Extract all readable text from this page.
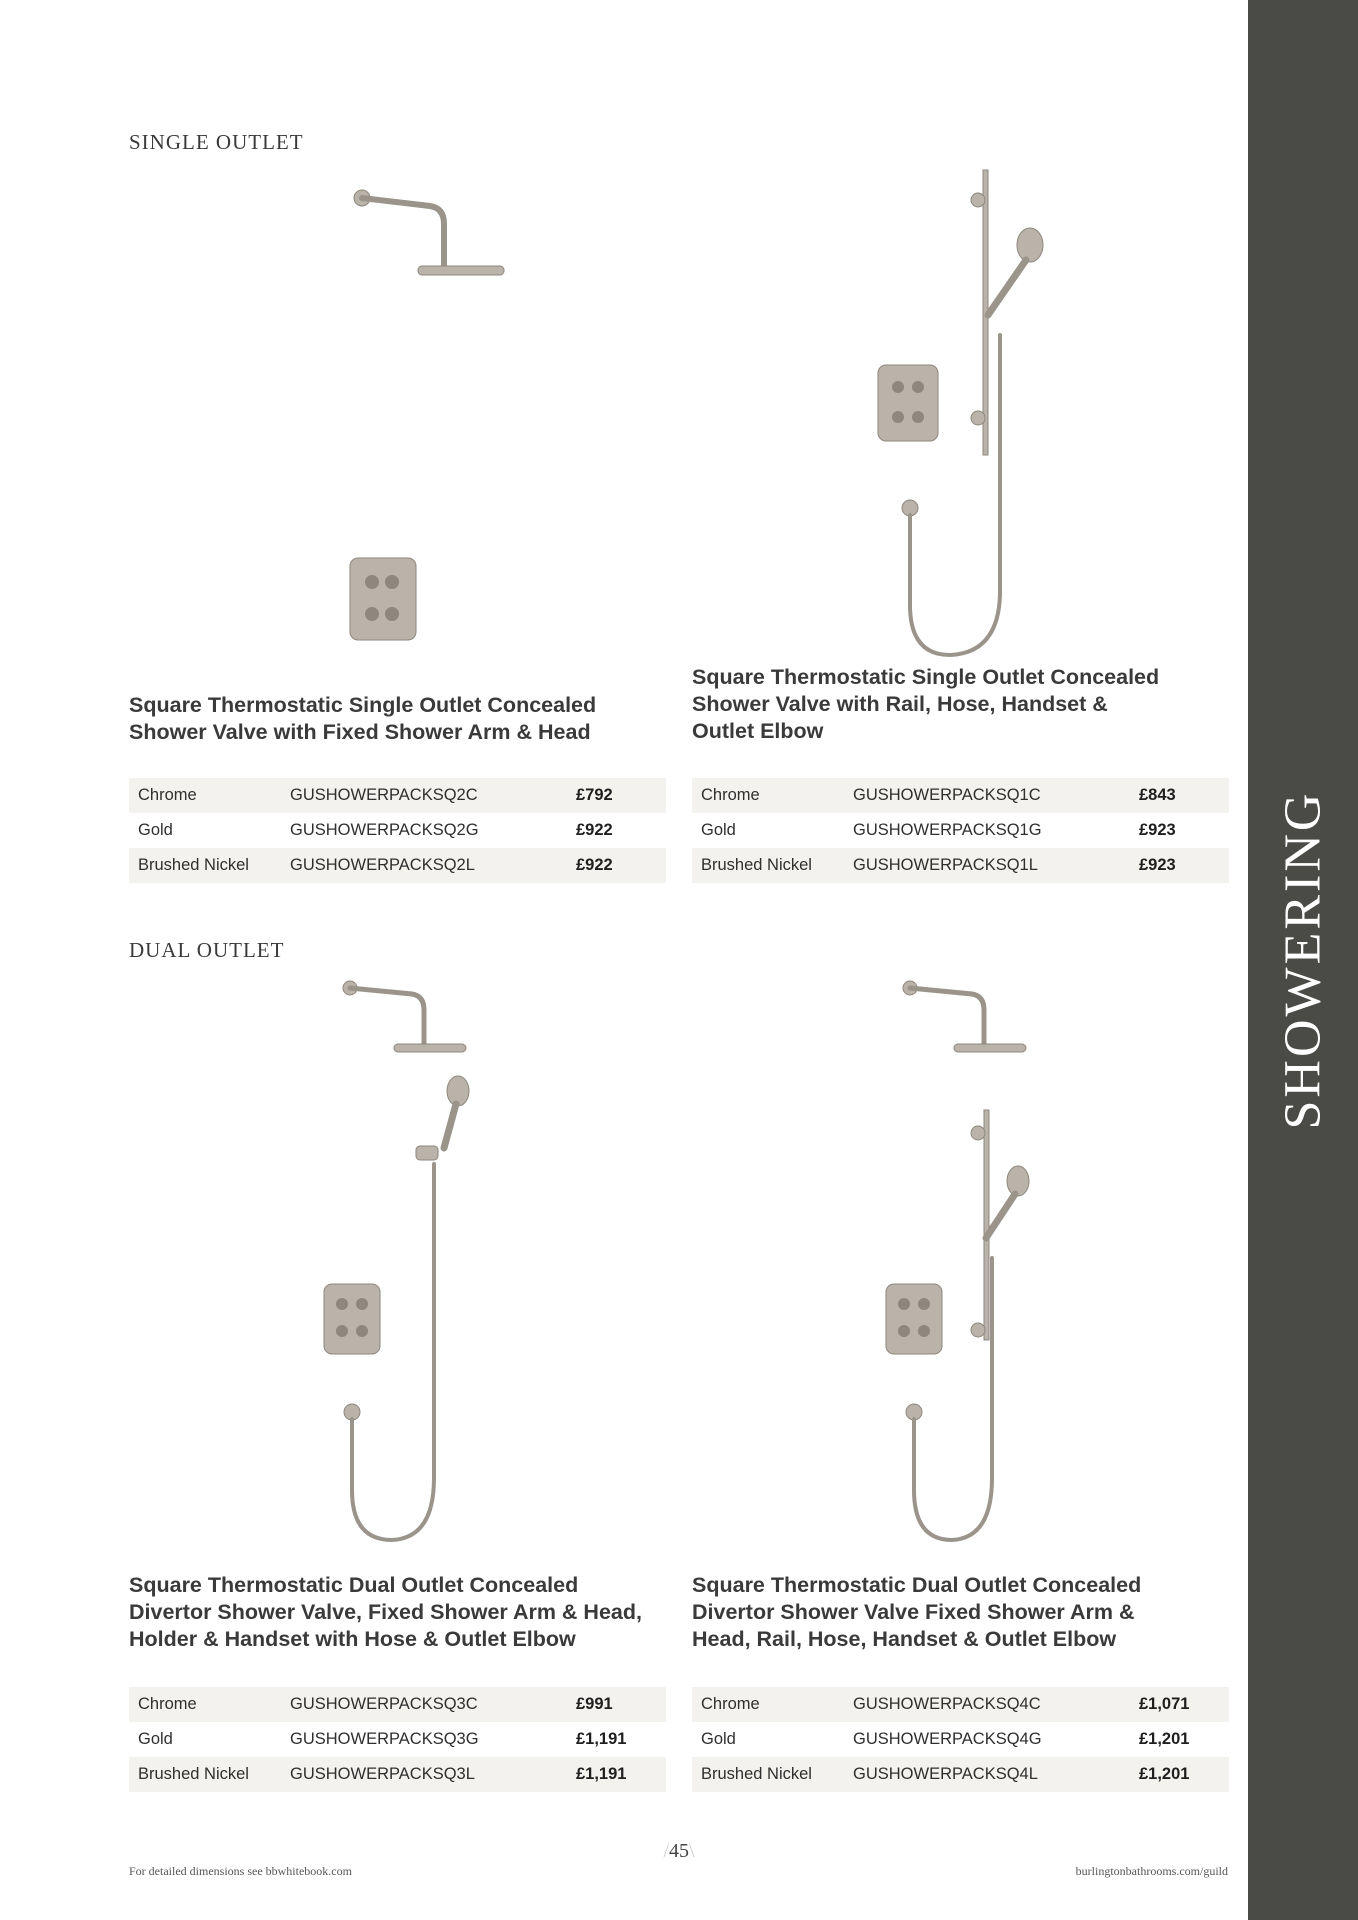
SHOWERING
SINGLE OUTLET
DUAL OUTLET
Square Thermostatic Single Outlet Concealed
Shower Valve with Fixed Shower Arm & Head
Chrome	GUSHOWERPACKSQ2C	£792
Gold	GUSHOWERPACKSQ2G	£922
Brushed Nickel	GUSHOWERPACKSQ2L	£922
Square Thermostatic Single Outlet Concealed
Shower Valve with Rail, Hose, Handset &
Outlet Elbow
Chrome	GUSHOWERPACKSQ1C	£843
Gold	GUSHOWERPACKSQ1G	£923
Brushed Nickel	GUSHOWERPACKSQ1L	£923
Square Thermostatic Dual Outlet Concealed
Divertor Shower Valve, Fixed Shower Arm & Head,
Holder & Handset with Hose & Outlet Elbow
Chrome	GUSHOWERPACKSQ3C	£991
Gold	GUSHOWERPACKSQ3G	£1,191
Brushed Nickel	GUSHOWERPACKSQ3L	£1,191
Square Thermostatic Dual Outlet Concealed
Divertor Shower Valve Fixed Shower Arm &
Head, Rail, Hose, Handset & Outlet Elbow
Chrome	GUSHOWERPACKSQ4C	£1,071
Gold	GUSHOWERPACKSQ4G	£1,201
Brushed Nickel	GUSHOWERPACKSQ4L	£1,201
For detailed dimensions see bbwhitebook.com
/45\
burlingtonbathrooms.com/guild
